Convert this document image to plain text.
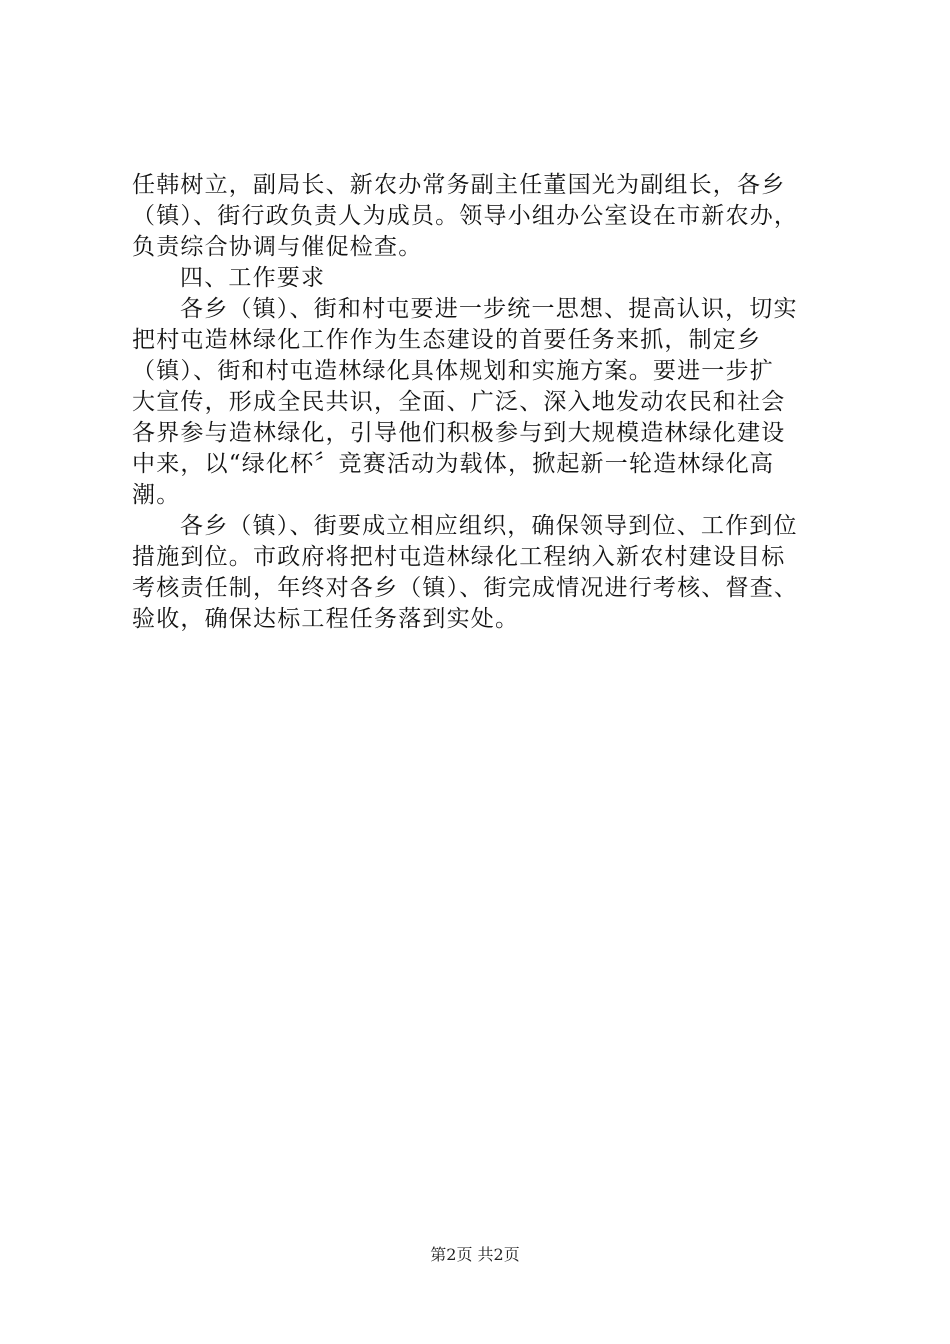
任韩树立，副局长、新农办常务副主任董国光为副组长，各乡
（镇）、街行政负责人为成员。领导小组办公室设在市新农办，
负责综合协调与催促检查。
四、工作要求
各乡（镇）、街和村屯要进一步统一思想、提高认识，切实
把村屯造林绿化工作作为生态建设的首要任务来抓，制定乡
（镇）、街和村屯造林绿化具体规划和实施方案。要进一步扩
大宣传，形成全民共识，全面、广泛、深入地发动农民和社会
各界参与造林绿化，引导他们积极参与到大规模造林绿化建设
中来，以“绿化杯〞竞赛活动为载体，掀起新一轮造林绿化高
潮。
各乡（镇）、街要成立相应组织，确保领导到位、工作到位
措施到位。市政府将把村屯造林绿化工程纳入新农村建设目标
考核责任制，年终对各乡（镇）、街完成情况进行考核、督查、
验收，确保达标工程任务落到实处。
第2页 共2页
